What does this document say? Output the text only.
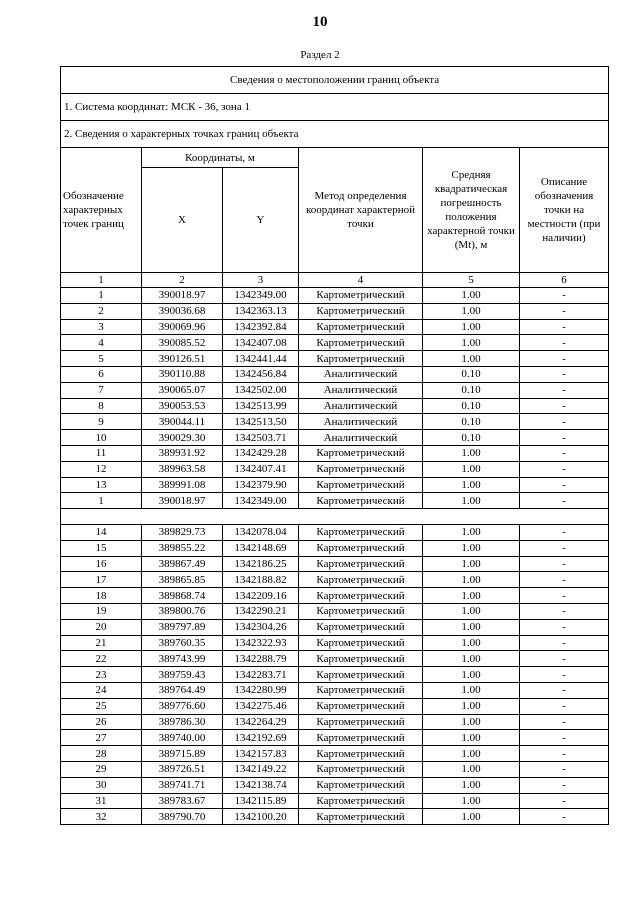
10
Раздел 2
Сведения о местоположении границ объекта					
1. Система координат: МСК - 36, зона 1					
2. Сведения о характерных точках границ объекта					
Обозначение характерных точек границ	Координаты, м		Метод определения координат характерной точки	Средняя квадратическая погрешность положения характерной точки (Mt), м	Описание обозначения точки на местности (при наличии)
	X	Y			
1	2	3	4	5	6
1	390018.97	1342349.00	Картометрический	1.00	-
2	390036.68	1342363.13	Картометрический	1.00	-
3	390069.96	1342392.84	Картометрический	1.00	-
4	390085.52	1342407.08	Картометрический	1.00	-
5	390126.51	1342441.44	Картометрический	1.00	-
6	390110.88	1342456.84	Аналитический	0.10	-
7	390065.07	1342502.00	Аналитический	0.10	-
8	390053.53	1342513.99	Аналитический	0.10	-
9	390044.11	1342513.50	Аналитический	0.10	-
10	390029.30	1342503.71	Аналитический	0.10	-
11	389931.92	1342429.28	Картометрический	1.00	-
12	389963.58	1342407.41	Картометрический	1.00	-
13	389991.08	1342379.90	Картометрический	1.00	-
1	390018.97	1342349.00	Картометрический	1.00	-

14	389829.73	1342078.04	Картометрический	1.00	-
15	389855.22	1342148.69	Картометрический	1.00	-
16	389867.49	1342186.25	Картометрический	1.00	-
17	389865.85	1342188.82	Картометрический	1.00	-
18	389868.74	1342209.16	Картометрический	1.00	-
19	389800.76	1342290.21	Картометрический	1.00	-
20	389797.89	1342304.26	Картометрический	1.00	-
21	389760.35	1342322.93	Картометрический	1.00	-
22	389743.99	1342288.79	Картометрический	1.00	-
23	389759.43	1342283.71	Картометрический	1.00	-
24	389764.49	1342280.99	Картометрический	1.00	-
25	389776.60	1342275.46	Картометрический	1.00	-
26	389786.30	1342264.29	Картометрический	1.00	-
27	389740.00	1342192.69	Картометрический	1.00	-
28	389715.89	1342157.83	Картометрический	1.00	-
29	389726.51	1342149.22	Картометрический	1.00	-
30	389741.71	1342138.74	Картометрический	1.00	-
31	389783.67	1342115.89	Картометрический	1.00	-
32	389790.70	1342100.20	Картометрический	1.00	-
